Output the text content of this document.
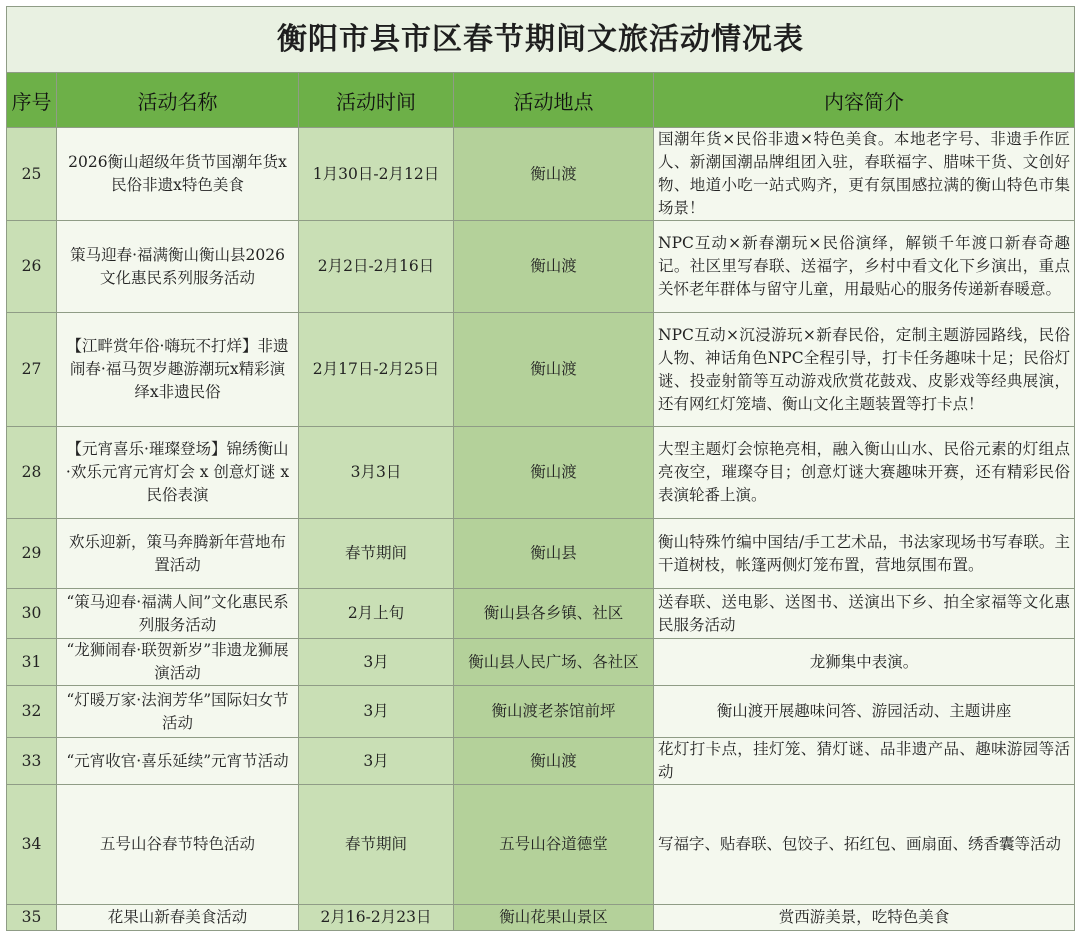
衡阳市县市区春节期间文旅活动情况表				
序号	活动名称	活动时间	活动地点	内容简介
25	2026衡山超级年货节国潮年货x民俗非遗x特色美食	1月30日-2月12日	衡山渡	国潮年货×民俗非遗×特色美食。本地老字号、非遗手作匠人、新潮国潮品牌组团入驻，春联福字、腊味干货、文创好物、地道小吃一站式购齐，更有氛围感拉满的衡山特色市集场景！
26	策马迎春·福满衡山衡山县2026文化惠民系列服务活动	2月2日-2月16日	衡山渡	NPC互动×新春潮玩×民俗演绎，解锁千年渡口新春奇趣记。社区里写春联、送福字，乡村中看文化下乡演出，重点关怀老年群体与留守儿童，用最贴心的服务传递新春暖意。
27	【江畔赏年俗·嗨玩不打烊】非遗闹春·福马贺岁趣游潮玩x精彩演绎x非遗民俗	2月17日-2月25日	衡山渡	NPC互动×沉浸游玩×新春民俗，定制主题游园路线，民俗人物、神话角色NPC全程引导，打卡任务趣味十足；民俗灯谜、投壶射箭等互动游戏欣赏花鼓戏、皮影戏等经典展演，还有网红灯笼墙、衡山文化主题装置等打卡点！
28	【元宵喜乐·璀璨登场】锦绣衡山·欢乐元宵元宵灯会 x 创意灯谜 x 民俗表演	3月3日	衡山渡	大型主题灯会惊艳亮相，融入衡山山水、民俗元素的灯组点亮夜空，璀璨夺目；创意灯谜大赛趣味开赛，还有精彩民俗表演轮番上演。
29	欢乐迎新，策马奔腾新年营地布置活动	春节期间	衡山县	衡山特殊竹编中国结/手工艺术品，书法家现场书写春联。主干道树枝，帐篷两侧灯笼布置，营地氛围布置。
30	“策马迎春·福满人间”文化惠民系列服务活动	2月上旬	衡山县各乡镇、社区	送春联、送电影、送图书、送演出下乡、拍全家福等文化惠民服务活动
31	“龙狮闹春·联贺新岁”非遗龙狮展演活动	3月	衡山县人民广场、各社区	龙狮集中表演。
32	“灯暖万家·法润芳华”国际妇女节活动	3月	衡山渡老茶馆前坪	衡山渡开展趣味问答、游园活动、主题讲座
33	“元宵收官·喜乐延续”元宵节活动	3月	衡山渡	花灯打卡点，挂灯笼、猜灯谜、品非遗产品、趣味游园等活动
34	五号山谷春节特色活动	春节期间	五号山谷道德堂	写福字、贴春联、包饺子、拓红包、画扇面、绣香囊等活动
35	花果山新春美食活动	2月16-2月23日	衡山花果山景区	赏西游美景，吃特色美食
